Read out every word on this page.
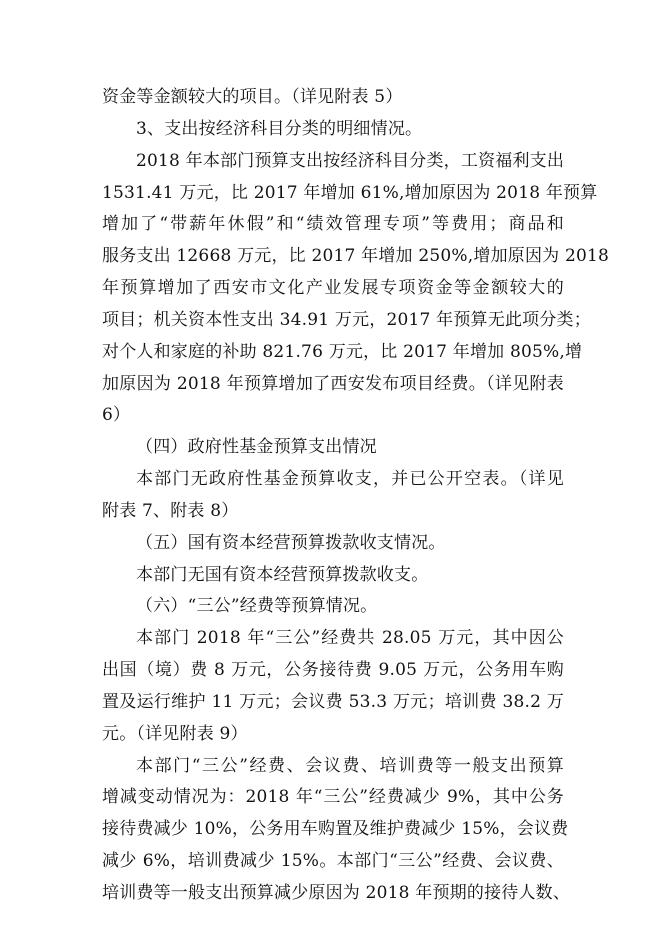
资金等金额较大的项目。（详见附表 5）
3、支出按经济科目分类的明细情况。
2018 年本部门预算支出按经济科目分类，工资福利支出
1531.41 万元，比 2017 年增加 61%,增加原因为 2018 年预算
增加了“带薪年休假”和“绩效管理专项”等费用；商品和
服务支出 12668 万元，比 2017 年增加 250%,增加原因为 2018
年预算增加了西安市文化产业发展专项资金等金额较大的
项目；机关资本性支出 34.91 万元，2017 年预算无此项分类；
对个人和家庭的补助 821.76 万元，比 2017 年增加 805%,增
加原因为 2018 年预算增加了西安发布项目经费。（详见附表
6）
（四）政府性基金预算支出情况
本部门无政府性基金预算收支，并已公开空表。（详见
附表 7、附表 8）
（五）国有资本经营预算拨款收支情况。
本部门无国有资本经营预算拨款收支。
（六）“三公”经费等预算情况。
本部门 2018 年“三公”经费共 28.05 万元，其中因公
出国（境）费 8 万元，公务接待费 9.05 万元，公务用车购
置及运行维护 11 万元；会议费 53.3 万元；培训费 38.2 万
元。（详见附表 9）
本部门“三公”经费、会议费、培训费等一般支出预算
增减变动情况为：2018 年“三公”经费减少 9%，其中公务
接待费减少 10%，公务用车购置及维护费减少 15%，会议费
减少 6%，培训费减少 15%。本部门“三公”经费、会议费、
培训费等一般支出预算减少原因为 2018 年预期的接待人数、
